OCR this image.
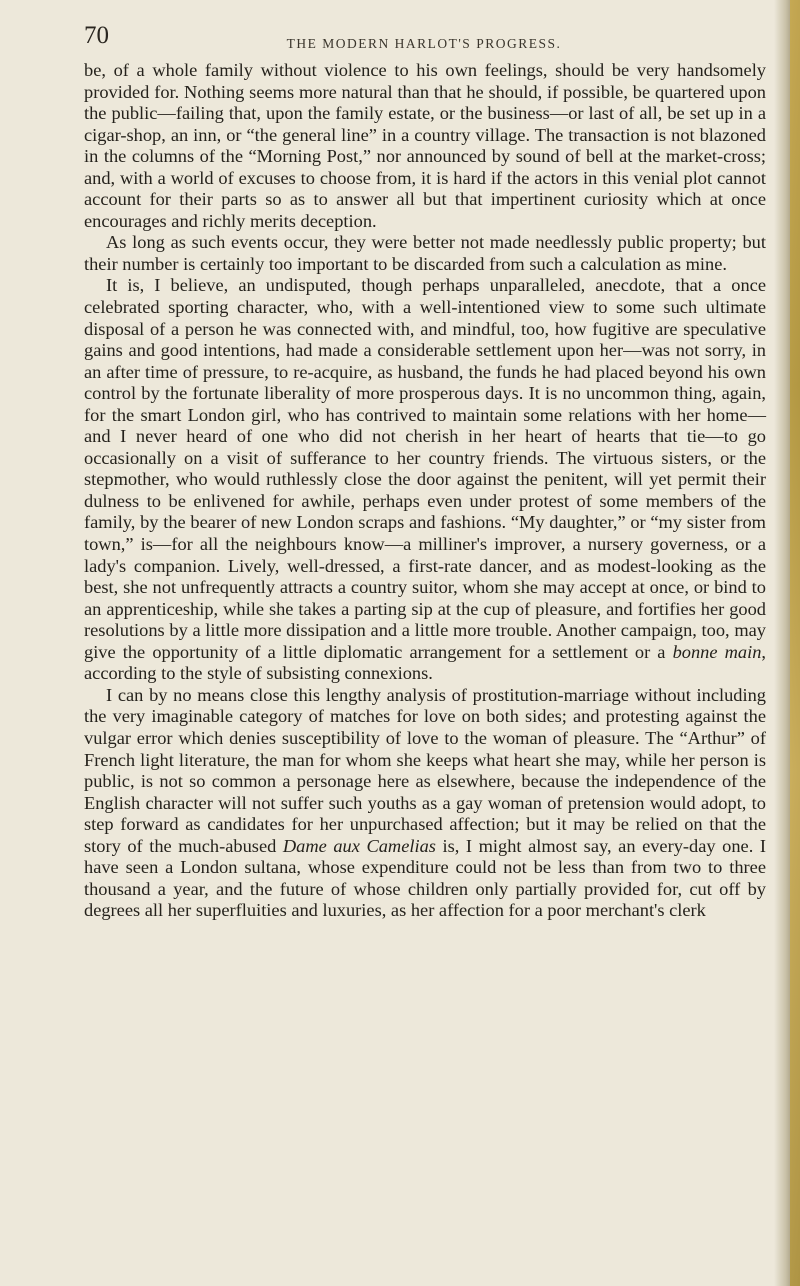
70	THE MODERN HARLOT'S PROGRESS.

be, of a whole family without violence to his own feelings, should be very handsomely provided for. Nothing seems more natural than that he should, if possible, be quartered upon the public—failing that, upon the family estate, or the business—or last of all, be set up in a cigar-shop, an inn, or “the general line” in a country village. The transaction is not blazoned in the columns of the “Morning Post,” nor announced by sound of bell at the market-cross; and, with a world of excuses to choose from, it is hard if the actors in this venial plot cannot account for their parts so as to answer all but that impertinent curiosity which at once encourages and richly merits deception.

As long as such events occur, they were better not made needlessly public property; but their number is certainly too important to be discarded from such a calculation as mine.

It is, I believe, an undisputed, though perhaps unparalleled, anecdote, that a once celebrated sporting character, who, with a well-intentioned view to some such ultimate disposal of a person he was connected with, and mindful, too, how fugitive are speculative gains and good intentions, had made a considerable settlement upon her—was not sorry, in an after time of pressure, to re-acquire, as husband, the funds he had placed beyond his own control by the fortunate liberality of more prosperous days. It is no uncommon thing, again, for the smart London girl, who has contrived to maintain some relations with her home—and I never heard of one who did not cherish in her heart of hearts that tie—to go occasionally on a visit of sufferance to her country friends. The virtuous sisters, or the stepmother, who would ruthlessly close the door against the penitent, will yet permit their dulness to be enlivened for awhile, perhaps even under protest of some members of the family, by the bearer of new London scraps and fashions. “My daughter,” or “my sister from town,” is—for all the neighbours know—a milliner's improver, a nursery governess, or a lady's companion. Lively, well-dressed, a first-rate dancer, and as modest-looking as the best, she not unfrequently attracts a country suitor, whom she may accept at once, or bind to an apprenticeship, while she takes a parting sip at the cup of pleasure, and fortifies her good resolutions by a little more dissipation and a little more trouble. Another campaign, too, may give the opportunity of a little diplomatic arrangement for a settlement or a bonne main, according to the style of subsisting connexions.

I can by no means close this lengthy analysis of prostitution-marriage without including the very imaginable category of matches for love on both sides; and protesting against the vulgar error which denies susceptibility of love to the woman of pleasure. The “Arthur” of French light literature, the man for whom she keeps what heart she may, while her person is public, is not so common a personage here as elsewhere, because the independence of the English character will not suffer such youths as a gay woman of pretension would adopt, to step forward as candidates for her unpurchased affection; but it may be relied on that the story of the much-abused Dame aux Camelias is, I might almost say, an every-day one. I have seen a London sultana, whose expenditure could not be less than from two to three thousand a year, and the future of whose children only partially provided for, cut off by degrees all her superfluities and luxuries, as her affection for a poor merchant's clerk
